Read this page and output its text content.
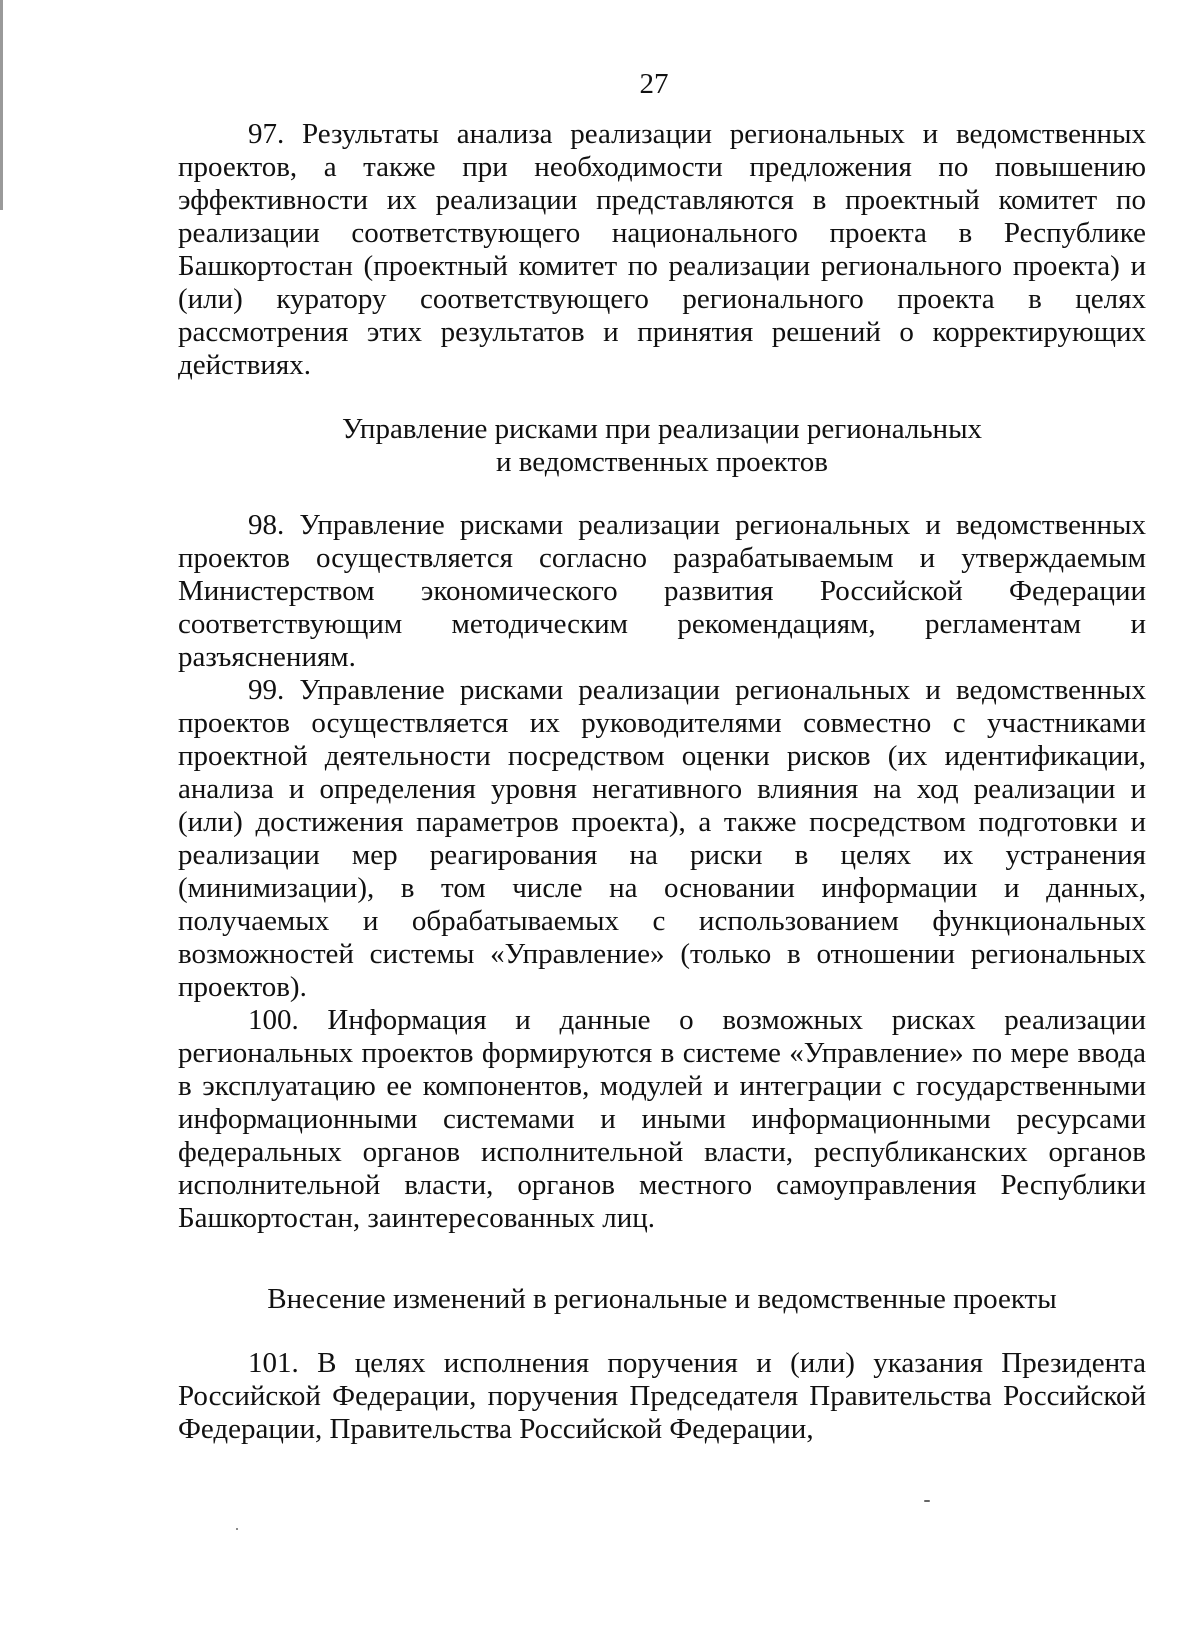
27

97. Результаты анализа реализации региональных и ведомственных проектов, а также при необходимости предложения по повышению эффективности их реализации представляются в проектный комитет по реализации соответствующего национального проекта в Республике Башкортостан (проектный комитет по реализации регионального проекта) и (или) куратору соответствующего регионального проекта в целях рассмотрения этих результатов и принятия решений о корректирующих действиях.

Управление рисками при реализации региональных
и ведомственных проектов

98. Управление рисками реализации региональных и ведомственных проектов осуществляется согласно разрабатываемым и утверждаемым Министерством экономического развития Российской Федерации соответствующим методическим рекомендациям, регламентам и разъяснениям.

99. Управление рисками реализации региональных и ведомственных проектов осуществляется их руководителями совместно с участниками проектной деятельности посредством оценки рисков (их идентификации, анализа и определения уровня негативного влияния на ход реализации и (или) достижения параметров проекта), а также посредством подготовки и реализации мер реагирования на риски в целях их устранения (минимизации), в том числе на основании информации и данных, получаемых и обрабатываемых с использованием функциональных возможностей системы «Управление» (только в отношении региональных проектов).

100. Информация и данные о возможных рисках реализации региональных проектов формируются в системе «Управление» по мере ввода в эксплуатацию ее компонентов, модулей и интеграции с государственными информационными системами и иными информационными ресурсами федеральных органов исполнительной власти, республиканских органов исполнительной власти, органов местного самоуправления Республики Башкортостан, заинтересованных лиц.

Внесение изменений в региональные и ведомственные проекты

101. В целях исполнения поручения и (или) указания Президента Российской Федерации, поручения Председателя Правительства Российской Федерации, Правительства Российской Федерации,
